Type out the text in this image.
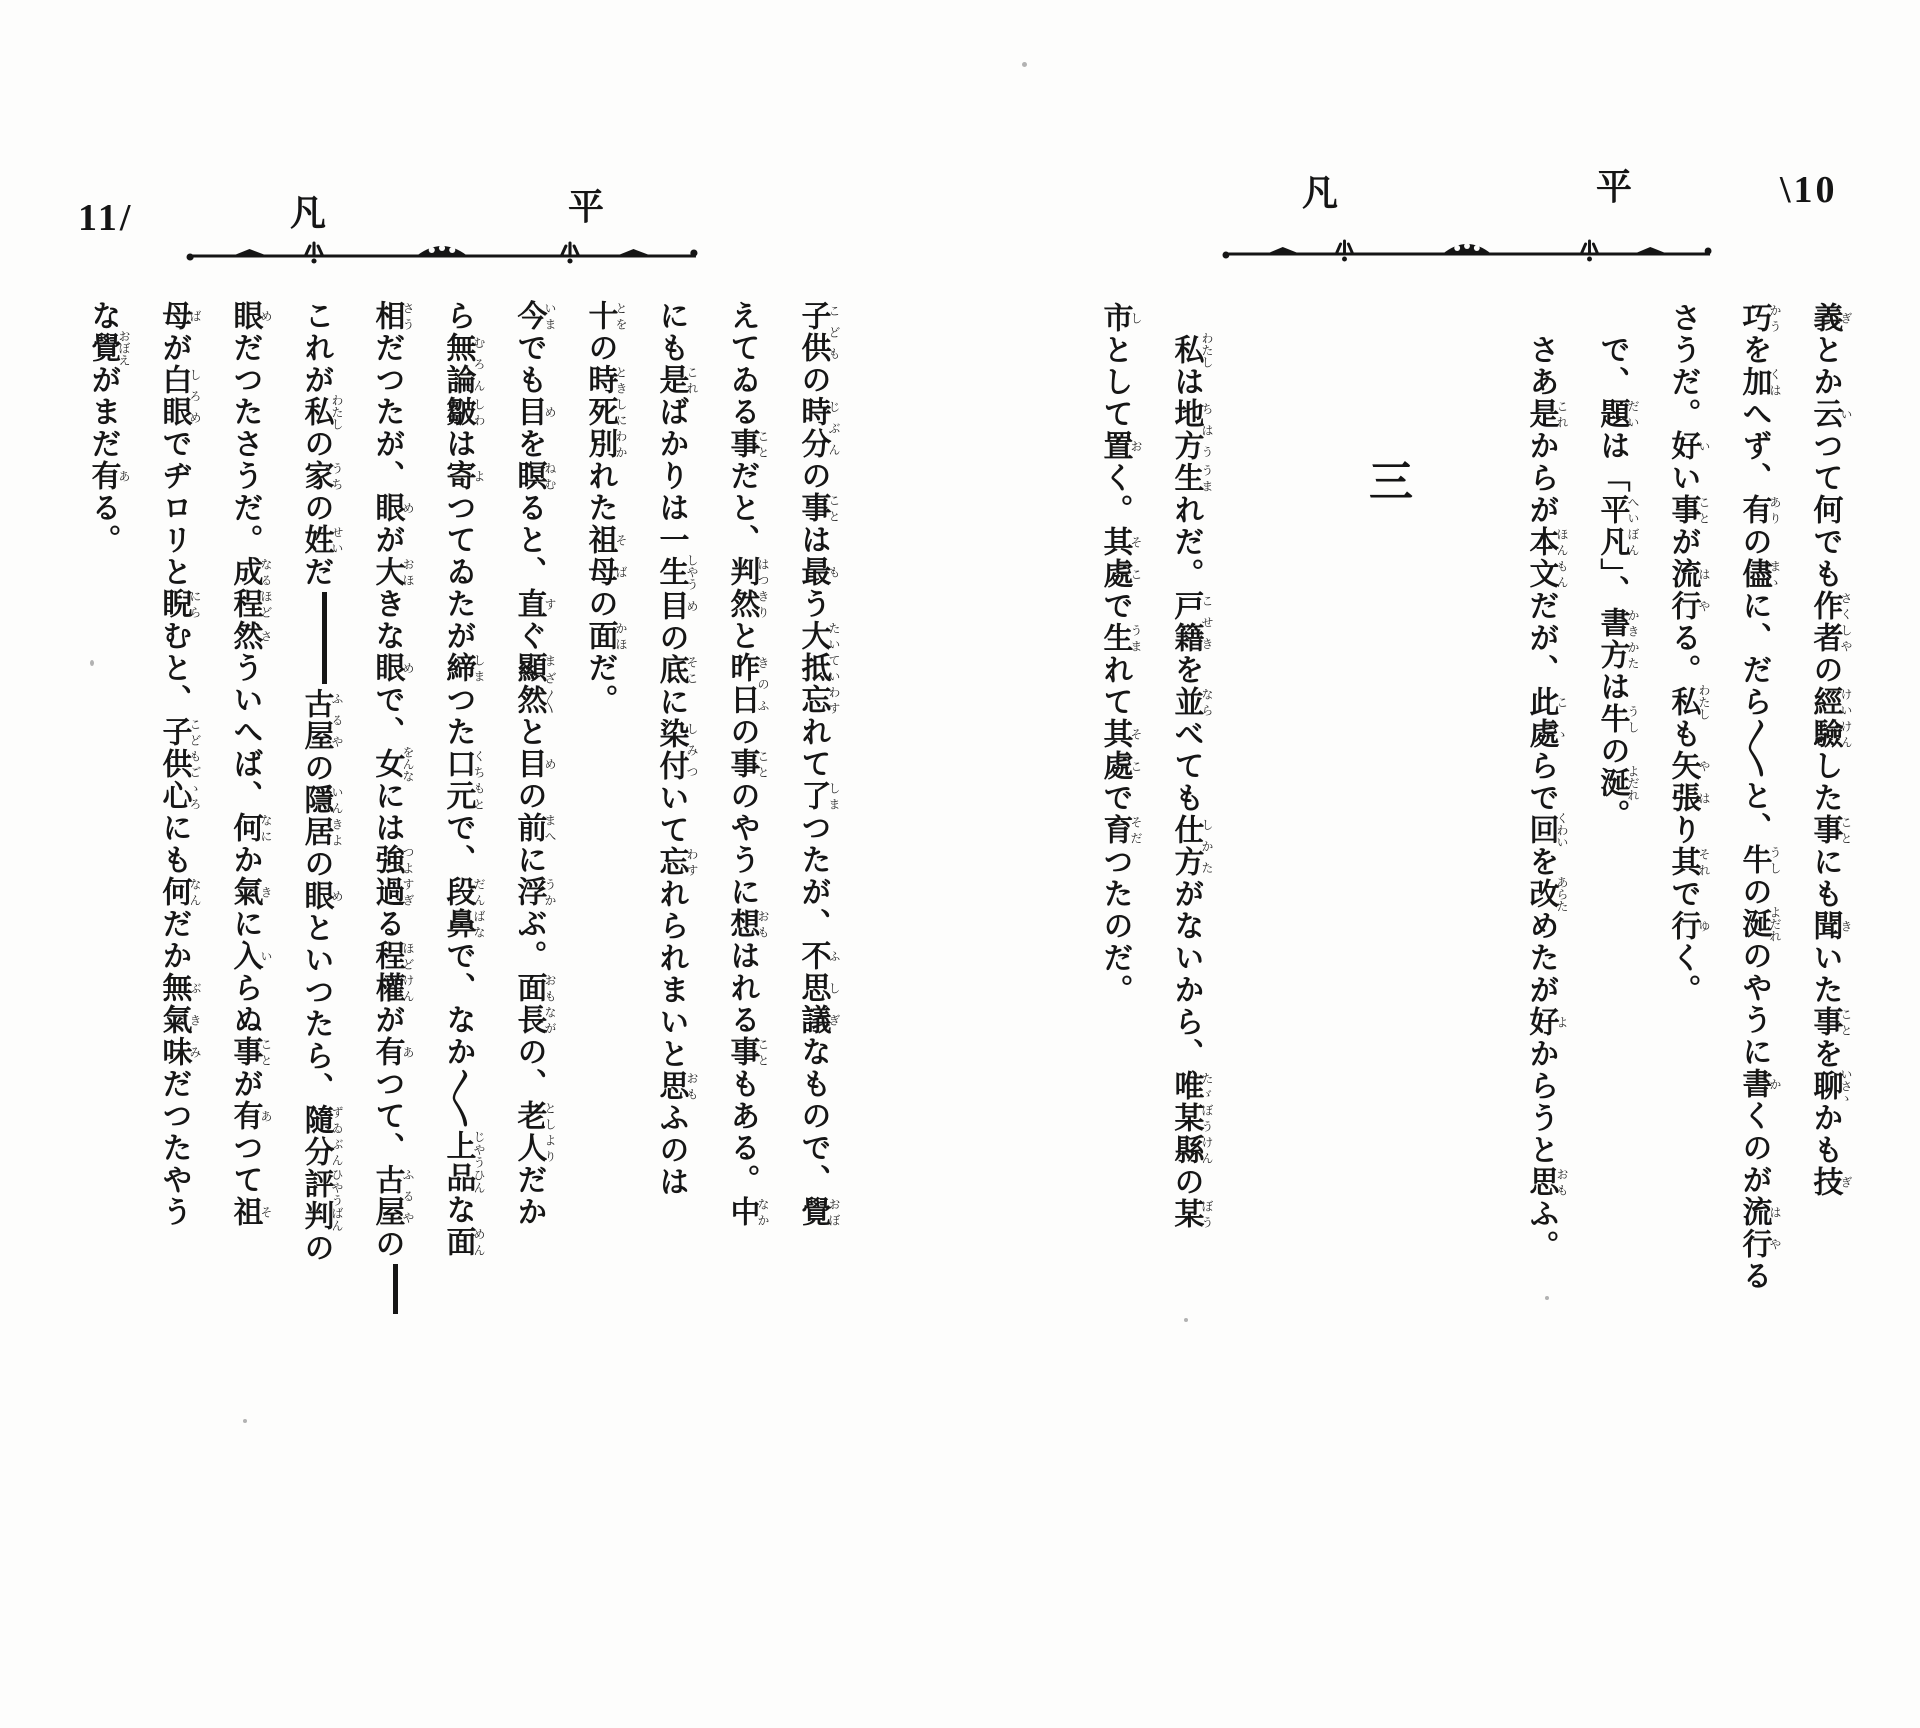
\10
平
凡
義ぎとか云いつて何でも作者さくしやの經驗けいけんした事ことにも聞きいた事ことを聊いさゝかも技ぎ
巧かうを加くはへず、有ありの儘まゝに、だら〱と、牛うしの涎よだれのやうに書かくのが流行はやる
さうだ。好いい事ことが流行はやる。私わたしも矢張やはり其それで行ゆく。
　で、題だいは「平凡へいぼん」、書方かきかたは牛うしの涎よだれ。
　さあ是これからが本文ほんもんだが、此處こゝらで回くわいを改あらためたが好よからうと思おもふ。
三
　私わたしは地方ちはう生うまれだ。戸籍こせきを並ならべても仕方しかたがないから、唯たゞ某縣ぼうけんの某ぼう
市しとして置おく。其處そこで生うまれて其處そこで育そだつたのだ。
11/	平
凡
子供こどもの時分じぶんの事ことは最もう大抵たいてい忘わすれて了しまつたが、不思議ふしぎなもので、覺おぼ
えてゐる事ことだと、判然はつきりと昨日きのふの事ことのやうに想おもはれる事こともある。中なか
にも是こればかりは一生しやう目めの底そこに染付しみついて忘わすれられまいと思おもふのは
十とをの時とき死別しにわかれた祖母そばの面かほだ。
今いまでも目めを瞑ねむると、直すぐ顯然まざ〱と目めの前まへに浮うかぶ。面長おもながの、老人としよりだか
ら無論むろん皺しわは寄よつてゐたが締しまつた口元くちもとで、段鼻だんばなで、なか〱上品じやうひんな面めん
相さうだつたが、眼めが大おほきな眼めで、女をんなには強過つよすぎる程ほど權けんが有あつて、古屋ふるやの
これが私わたしの家うちの姓せいだ古屋ふるやの隱居いんきよの眼めといつたら、隨分ずゐぶん評判ひやうばんの
眼めだつたさうだ。成程なるほど然さういへば、何なにか氣きに入いらぬ事ことが有あつて祖そ
母ばが白眼しろめでヂロリと睨にらむと、子供心こどもごゝろにも何なんだか無氣味ぶきみだつたやう
な覺おぼえがまだ有ある。
